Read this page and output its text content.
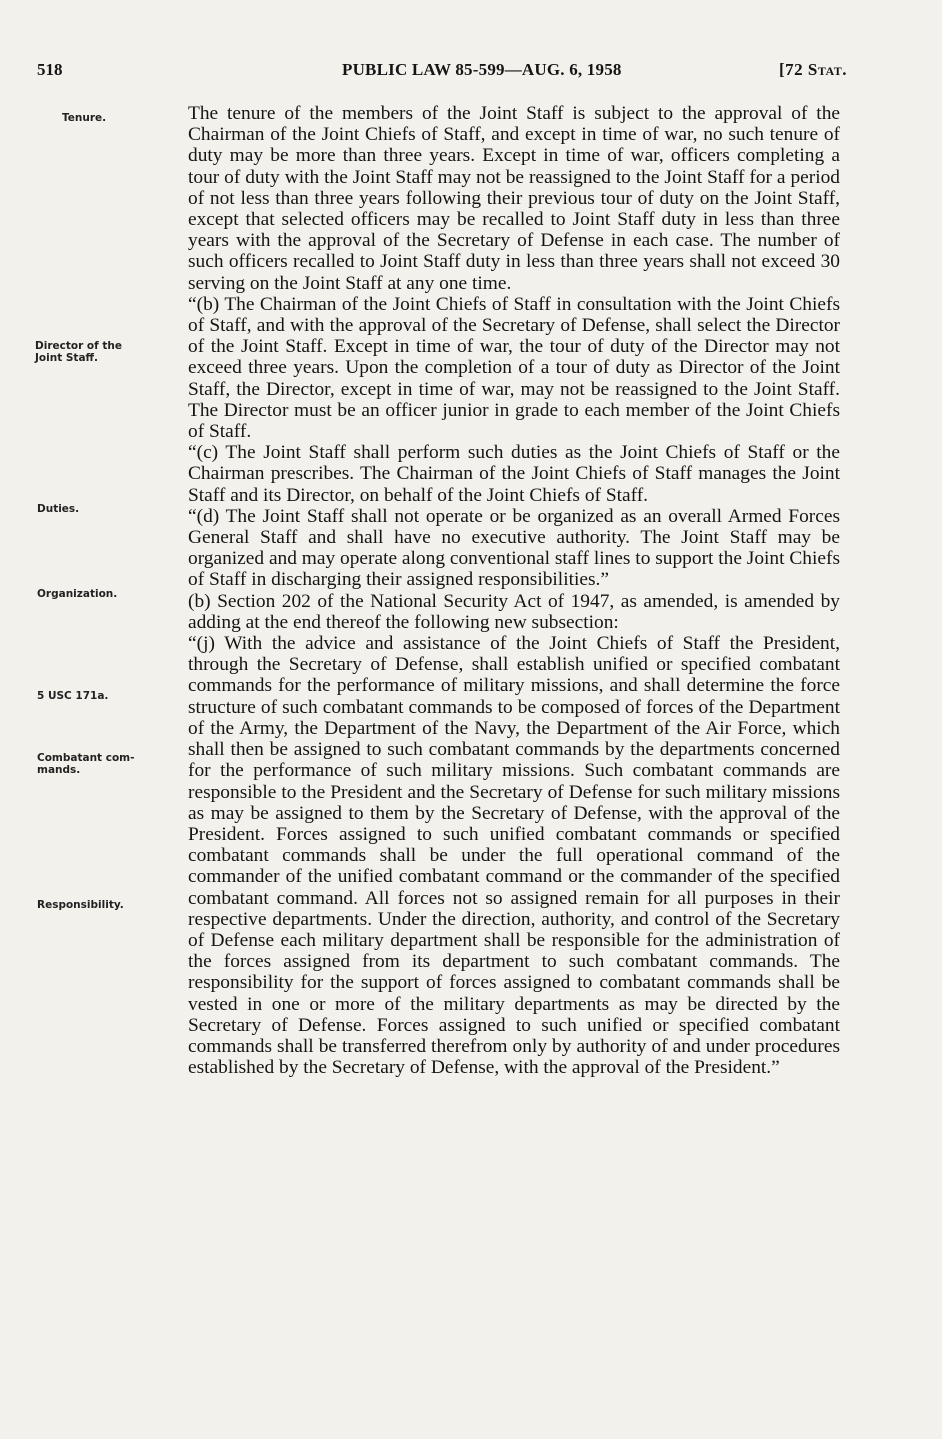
518	PUBLIC LAW 85-599—AUG. 6, 1958	[72 Stat.
Tenure.
Director of the
Joint Staff.
Duties.
Organization.
5 USC 171a.
Combatant com-
mands.
Responsibility.

The tenure of the members of the Joint Staff is subject to the approval of the Chairman of the Joint Chiefs of Staff, and except in time of war, no such tenure of duty may be more than three years. Except in time of war, officers completing a tour of duty with the Joint Staff may not be reassigned to the Joint Staff for a period of not less than three years following their previous tour of duty on the Joint Staff, except that selected officers may be recalled to Joint Staff duty in less than three years with the approval of the Secretary of Defense in each case. The number of such officers recalled to Joint Staff duty in less than three years shall not exceed 30 serving on the Joint Staff at any one time.

“(b) The Chairman of the Joint Chiefs of Staff in consultation with the Joint Chiefs of Staff, and with the approval of the Secretary of Defense, shall select the Director of the Joint Staff. Except in time of war, the tour of duty of the Director may not exceed three years. Upon the completion of a tour of duty as Director of the Joint Staff, the Director, except in time of war, may not be reassigned to the Joint Staff. The Director must be an officer junior in grade to each member of the Joint Chiefs of Staff.

“(c) The Joint Staff shall perform such duties as the Joint Chiefs of Staff or the Chairman prescribes. The Chairman of the Joint Chiefs of Staff manages the Joint Staff and its Director, on behalf of the Joint Chiefs of Staff.

“(d) The Joint Staff shall not operate or be organized as an overall Armed Forces General Staff and shall have no executive authority. The Joint Staff may be organized and may operate along conventional staff lines to support the Joint Chiefs of Staff in discharging their assigned responsibilities.”

(b) Section 202 of the National Security Act of 1947, as amended, is amended by adding at the end thereof the following new subsection:

“(j) With the advice and assistance of the Joint Chiefs of Staff the President, through the Secretary of Defense, shall establish unified or specified combatant commands for the performance of military missions, and shall determine the force structure of such combatant commands to be composed of forces of the Department of the Army, the Department of the Navy, the Department of the Air Force, which shall then be assigned to such combatant commands by the departments concerned for the performance of such military missions. Such combatant commands are responsible to the President and the Secretary of Defense for such military missions as may be assigned to them by the Secretary of Defense, with the approval of the President. Forces assigned to such unified combatant commands or specified combatant commands shall be under the full operational command of the commander of the unified combatant command or the commander of the specified combatant command. All forces not so assigned remain for all purposes in their respective departments. Under the direction, authority, and control of the Secretary of Defense each military department shall be responsible for the administration of the forces assigned from its department to such combatant commands. The responsibility for the support of forces assigned to combatant commands shall be vested in one or more of the military departments as may be directed by the Secretary of Defense. Forces assigned to such unified or specified combatant commands shall be transferred therefrom only by authority of and under procedures established by the Secretary of Defense, with the approval of the President.”
